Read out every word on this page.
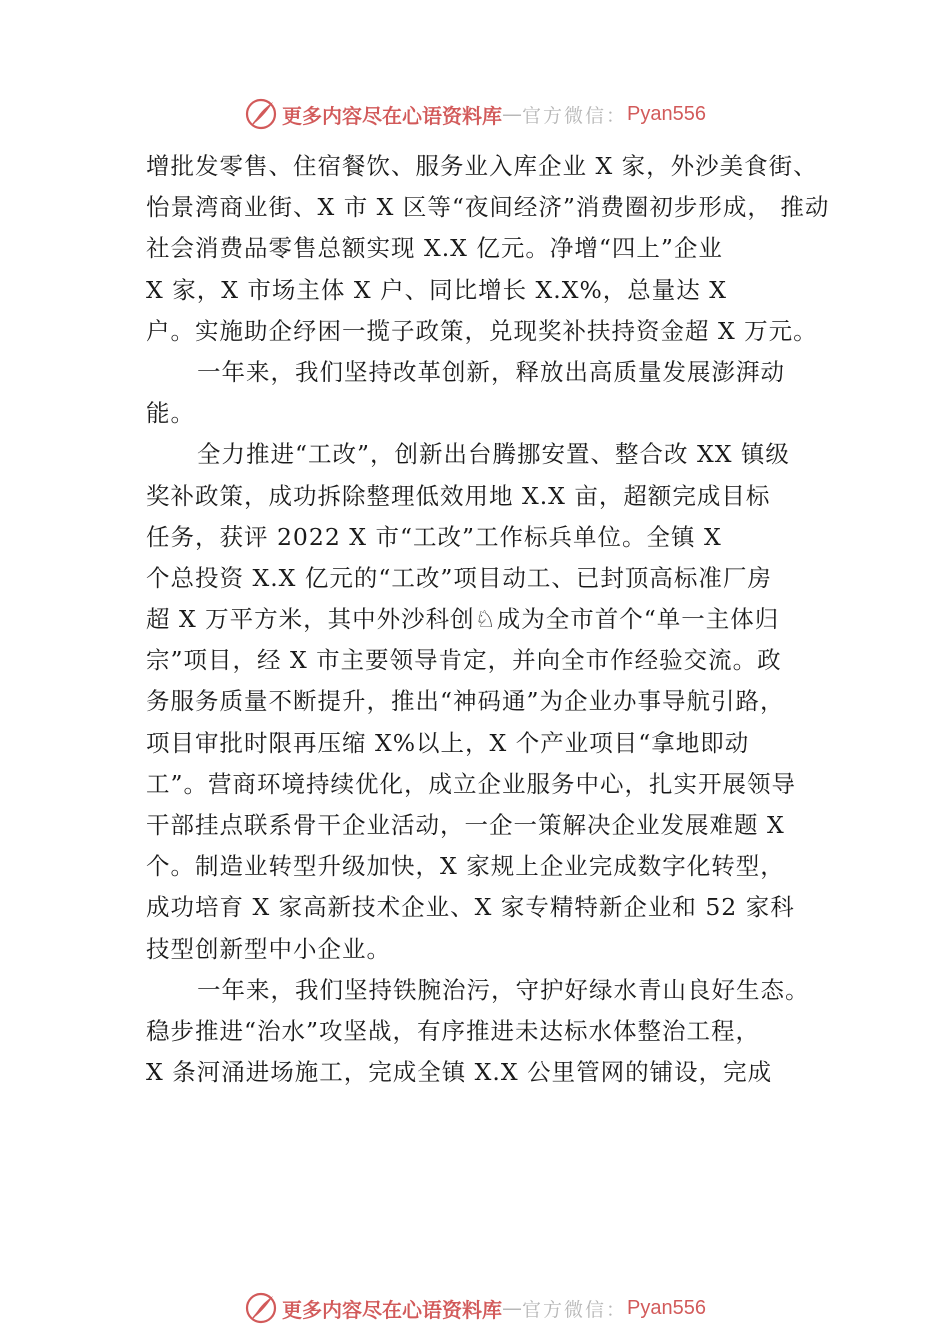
更多内容尽在心语资料库 — 官方微信： Pyan556
增批发零售、住宿餐饮、服务业入库企业 X 家，外沙美食街、
怡景湾商业街、X 市 X 区等“夜间经济”消费圈初步形成， 推动
社会消费品零售总额实现 X.X 亿元。净增“四上”企业
X 家，X 市场主体 X 户、同比增长 X.X%，总量达 X
户。实施助企纾困一揽子政策，兑现奖补扶持资金超 X 万元。
一年来，我们坚持改革创新，释放出高质量发展澎湃动
能。
全力推进“工改”，创新出台腾挪安置、整合改 XX 镇级
奖补政策，成功拆除整理低效用地 X.X 亩，超额完成目标
任务，获评 2022 X 市“工改”工作标兵单位。全镇 X
个总投资 X.X 亿元的“工改”项目动工、已封顶高标准厂房
超 X 万平方米，其中外沙科创♘成为全市首个“单一主体归
宗”项目，经 X 市主要领导肯定，并向全市作经验交流。政
务服务质量不断提升，推出“神码通”为企业办事导航引路，
项目审批时限再压缩 X%以上，X 个产业项目“拿地即动
工”。营商环境持续优化，成立企业服务中心，扎实开展领导
干部挂点联系骨干企业活动，一企一策解决企业发展难题 X
个。制造业转型升级加快，X 家规上企业完成数字化转型，
成功培育 X 家高新技术企业、X 家专精特新企业和 52 家科
技型创新型中小企业。
一年来，我们坚持铁腕治污，守护好绿水青山良好生态。
稳步推进“治水”攻坚战，有序推进未达标水体整治工程，
X 条河涌进场施工，完成全镇 X.X 公里管网的铺设，完成
更多内容尽在心语资料库 — 官方微信： Pyan556
